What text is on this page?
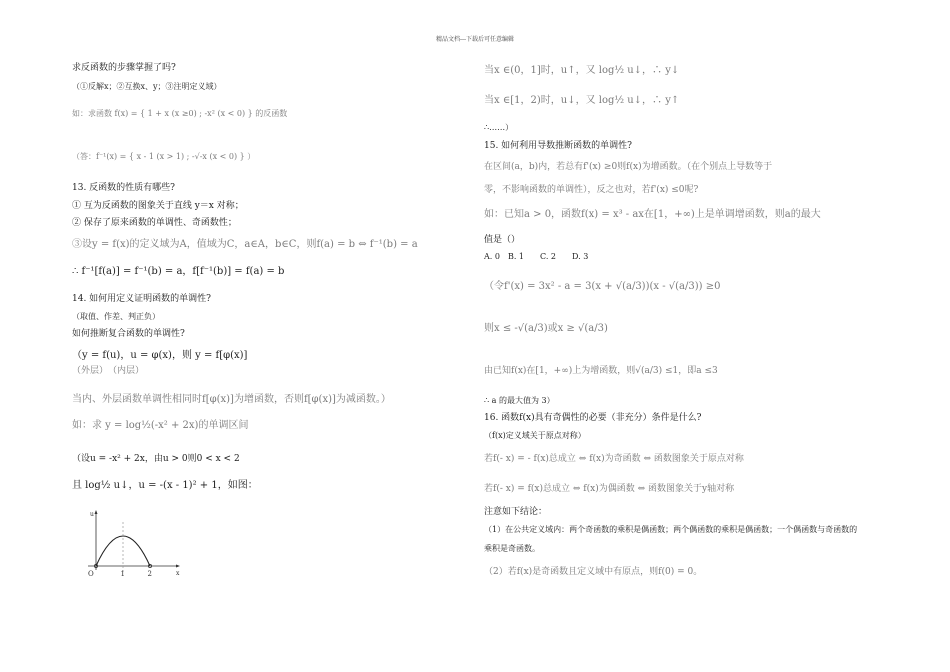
精品文档---下载后可任意编辑
求反函数的步骤掌握了吗?
（①反解x；②互换x、y；③注明定义域）
如：求函数 f(x) = { 1 + x (x ≥0) ; -x² (x < 0) } 的反函数
（答：f⁻¹(x) = { x - 1 (x > 1) ; -√-x (x < 0) } ）
13. 反函数的性质有哪些?
① 互为反函数的图象关于直线 y＝x 对称；
② 保存了原来函数的单调性、奇函数性；
③设y = f(x)的定义域为A，值域为C，a∈A，b∈C，则f(a) = b ⇔ f⁻¹(b) = a
∴ f⁻¹[f(a)] = f⁻¹(b) = a，f[f⁻¹(b)] = f(a) = b
14. 如何用定义证明函数的单调性?
（取值、作差、判正负）
如何推断复合函数的单调性?
（y = f(u)，u = φ(x)，则 y = f[φ(x)]
（外层）　（内层）
当内、外层函数单调性相同时f[φ(x)]为增函数，否则f[φ(x)]为减函数。）
如：求 y = log½(-x² + 2x)的单调区间
（设u = -x² + 2x，由u > 0则0 < x < 2
且 log½ u↓，u = -(x - 1)² + 1，如图：
u
x
O	1	2
当x ∈(0，1]时，u↑，又 log½ u↓，∴ y↓
当x ∈[1，2)时，u↓，又 log½ u↓，∴ y↑
∴……）
15. 如何利用导数推断函数的单调性?
在区间(a，b)内，若总有f'(x) ≥0则f(x)为增函数。（在个别点上导数等于
零，不影响函数的单调性），反之也对，若f'(x) ≤0呢?
如：已知a > 0，函数f(x) = x³ - ax在[1，+∞)上是单调增函数，则a的最大
值是（）
A. 0　B. 1　　C. 2　　D. 3
（令f'(x) = 3x² - a = 3(x + √(a/3))(x - √(a/3)) ≥0
则x ≤ -√(a/3)或x ≥ √(a/3)
由已知f(x)在[1，+∞)上为增函数，则√(a/3) ≤1，即a ≤3
∴ a 的最大值为 3）
16. 函数f(x)具有奇偶性的必要（非充分）条件是什么?
（f(x)定义域关于原点对称）
若f(- x) = - f(x)总成立 ⇔ f(x)为奇函数 ⇔ 函数图象关于原点对称
若f(- x) = f(x)总成立 ⇔ f(x)为偶函数 ⇔ 函数图象关于y轴对称
注意如下结论：
（1）在公共定义域内：两个奇函数的乘积是偶函数；两个偶函数的乘积是偶函数；一个偶函数与奇函数的
乘积是奇函数。
（2）若f(x)是奇函数且定义域中有原点，则f(0) = 0。
